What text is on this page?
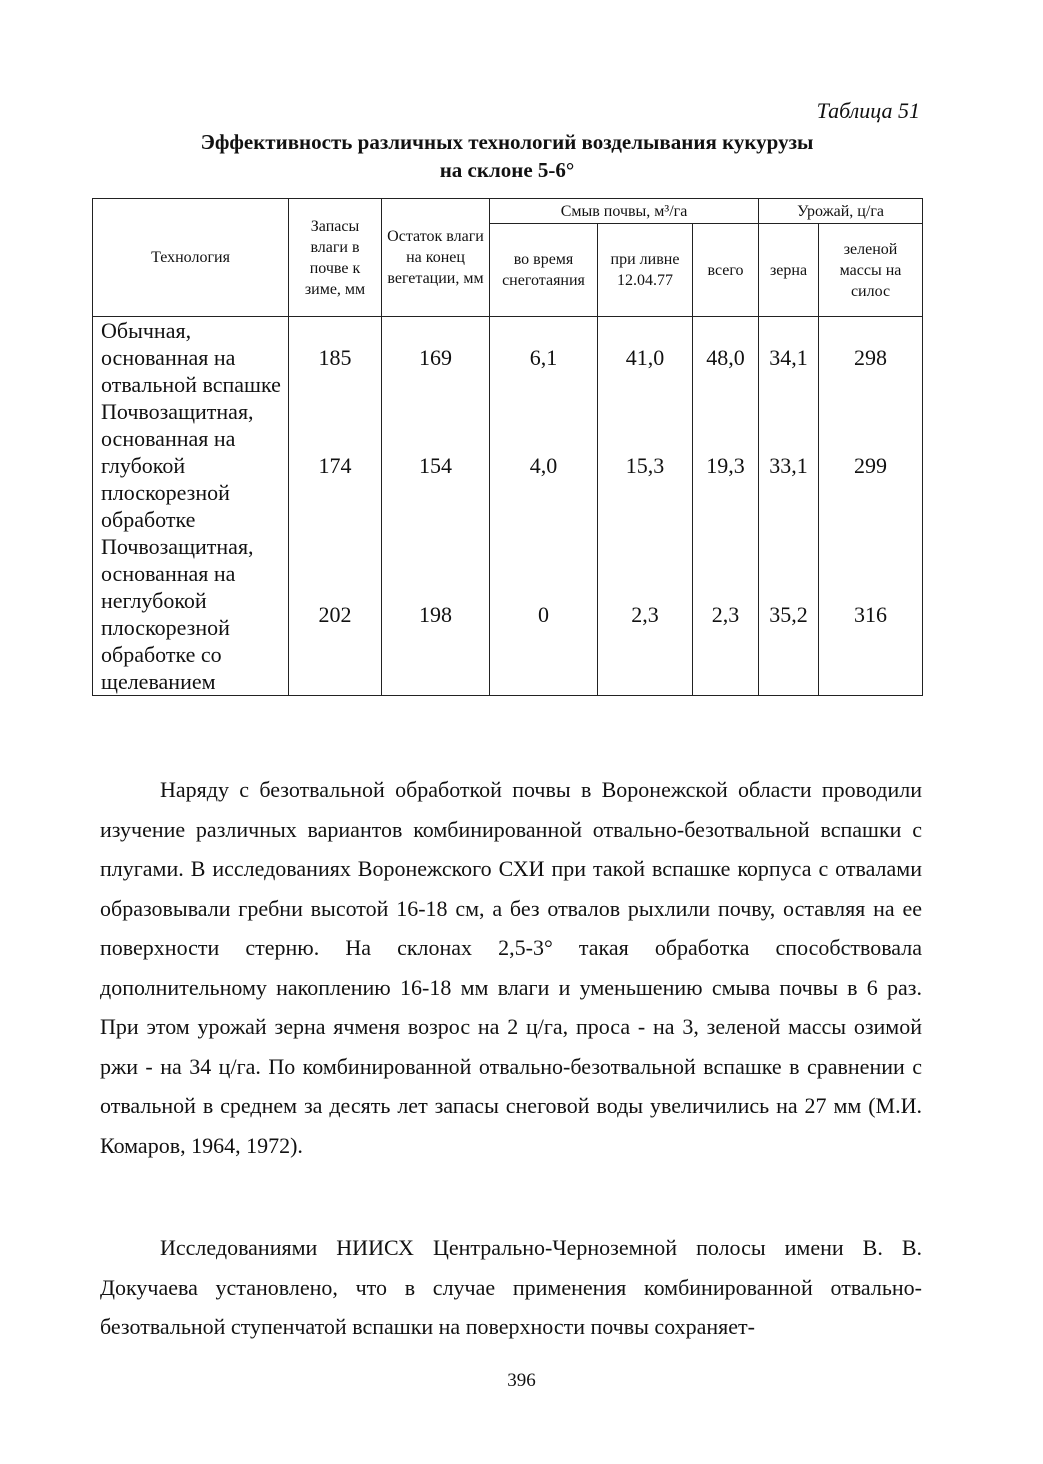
Таблица 51
Эффективность различных технологий возделывания кукурузы
на склоне 5-6°
Технология	Запасы влаги в почве к зиме, мм	Остаток влаги на конец вегетации, мм	Смыв почвы, м³/га			Урожай, ц/га	
			во время снеготаяния	при ливне 12.04.77	всего	зерна	зеленой массы на силос
Обычная, основанная на отвальной вспашке	185	169	6,1	41,0	48,0	34,1	298
Почвозащитная, основанная на глубокой плоскорезной обработке	174	154	4,0	15,3	19,3	33,1	299
Почвозащитная, основанная на неглубокой плоскорезной обработке со щелеванием	202	198	0	2,3	2,3	35,2	316

Наряду с безотвальной обработкой почвы в Воронежской области проводили изучение различных вариантов комбинированной отвально-безотвальной вспашки с плугами. В исследованиях Воронежского СХИ при такой вспашке корпуса с отвалами образовывали гребни высотой 16-18 см, а без отвалов рыхлили почву, оставляя на ее поверхности стерню. На склонах 2,5-3° такая обработка способствовала дополнительному накоплению 16-18 мм влаги и уменьшению смыва почвы в 6 раз. При этом урожай зерна ячменя возрос на 2 ц/га, проса - на 3, зеленой массы озимой ржи - на 34 ц/га. По комбинированной отвально-безотвальной вспашке в сравнении с отвальной в среднем за десять лет запасы снеговой воды увеличились на 27 мм (М.И. Комаров, 1964, 1972).

Исследованиями НИИСХ Центрально-Черноземной полосы имени В. В. Докучаева установлено, что в случае применения комбинированной отвально-безотвальной ступенчатой вспашки на поверхности почвы сохраняет-

396
